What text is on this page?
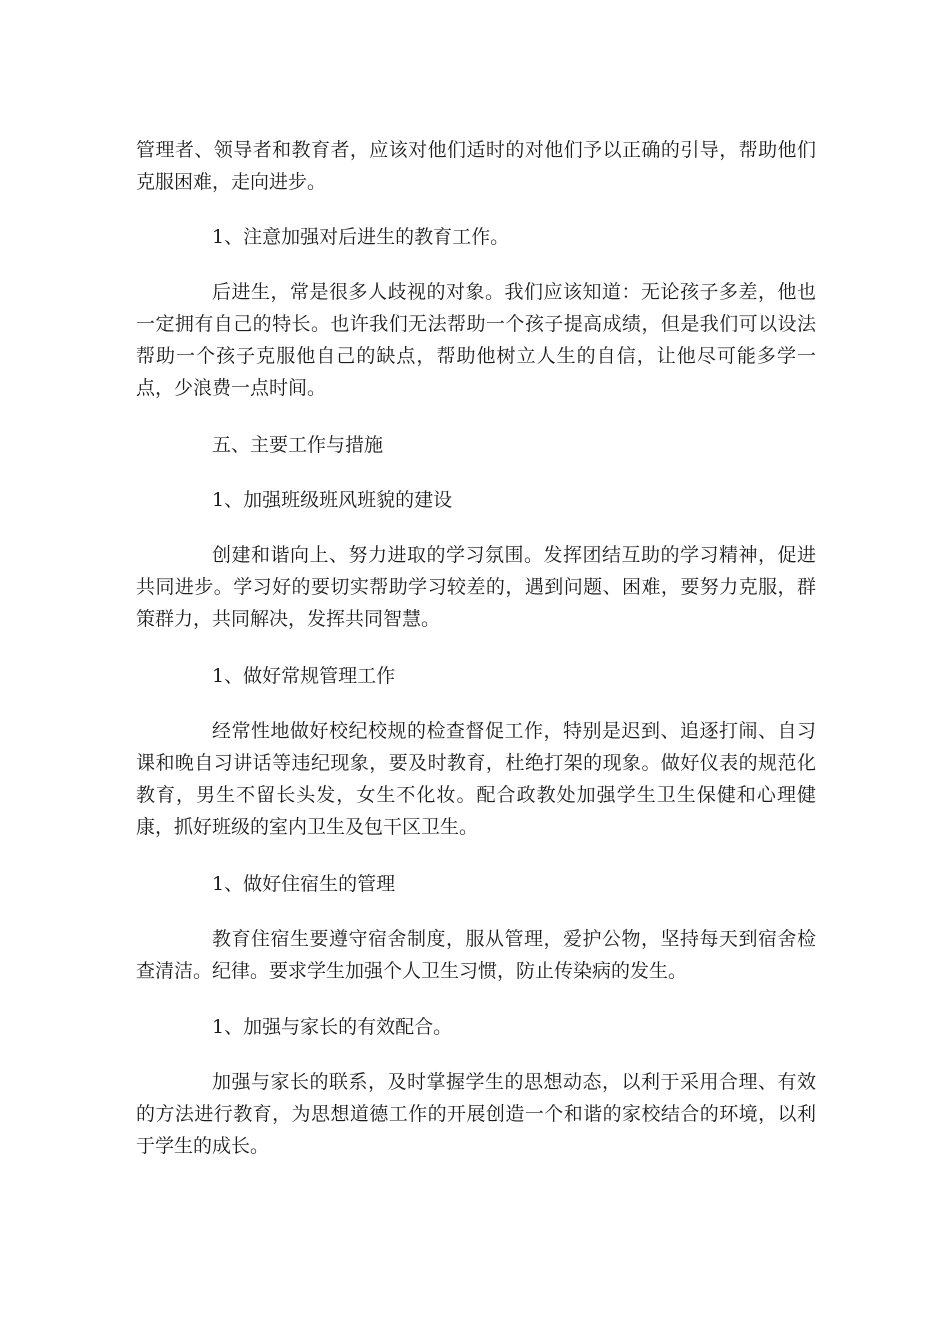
管理者、领导者和教育者，应该对他们适时的对他们予以正确的引导，帮助他们克服困难，走向进步。

1、注意加强对后进生的教育工作。

后进生，常是很多人歧视的对象。我们应该知道：无论孩子多差，他也一定拥有自己的特长。也许我们无法帮助一个孩子提高成绩，但是我们可以设法帮助一个孩子克服他自己的缺点，帮助他树立人生的自信，让他尽可能多学一点，少浪费一点时间。

五、主要工作与措施

1、加强班级班风班貌的建设

创建和谐向上、努力进取的学习氛围。发挥团结互助的学习精神，促进共同进步。学习好的要切实帮助学习较差的，遇到问题、困难，要努力克服，群策群力，共同解决，发挥共同智慧。

1、做好常规管理工作

经常性地做好校纪校规的检查督促工作，特别是迟到、追逐打闹、自习课和晚自习讲话等违纪现象，要及时教育，杜绝打架的现象。做好仪表的规范化教育，男生不留长头发，女生不化妆。配合政教处加强学生卫生保健和心理健康，抓好班级的室内卫生及包干区卫生。

1、做好住宿生的管理

教育住宿生要遵守宿舍制度，服从管理，爱护公物，坚持每天到宿舍检查清洁。纪律。要求学生加强个人卫生习惯，防止传染病的发生。

1、加强与家长的有效配合。

加强与家长的联系，及时掌握学生的思想动态，以利于采用合理、有效的方法进行教育，为思想道德工作的开展创造一个和谐的家校结合的环境，以利于学生的成长。
